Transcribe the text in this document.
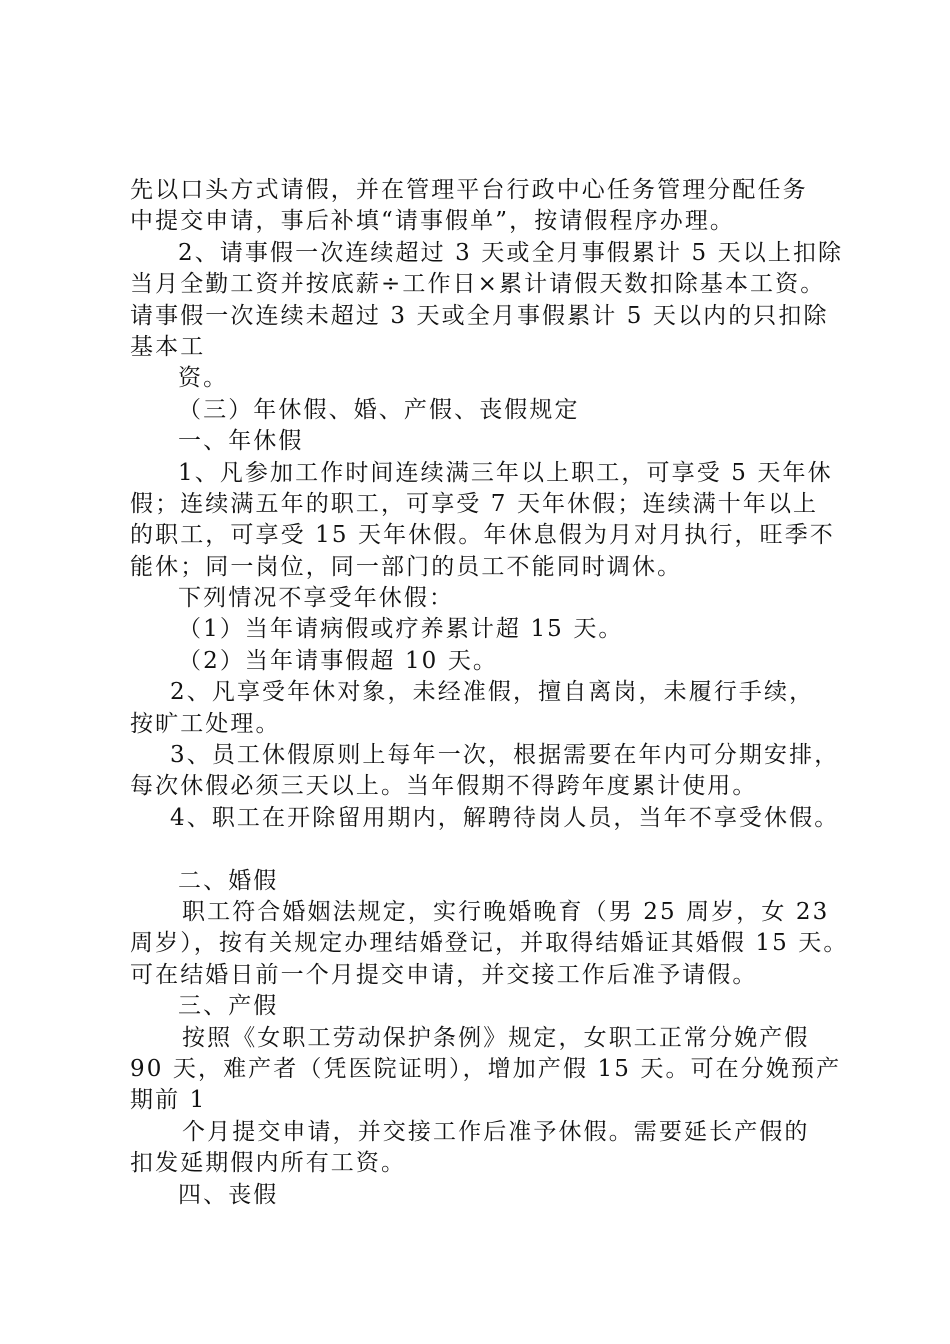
先以口头方式请假，并在管理平台行政中心任务管理分配任务
中提交申请，事后补填“请事假单”，按请假程序办理。
2、请事假一次连续超过 3 天或全月事假累计 5 天以上扣除
当月全勤工资并按底薪÷工作日×累计请假天数扣除基本工资。
请事假一次连续未超过 3 天或全月事假累计 5 天以内的只扣除
基本工
资。
（三）年休假、婚、产假、丧假规定
一、年休假
1、凡参加工作时间连续满三年以上职工，可享受 5 天年休
假；连续满五年的职工，可享受 7 天年休假；连续满十年以上
的职工，可享受 15 天年休假。年休息假为月对月执行，旺季不
能休；同一岗位，同一部门的员工不能同时调休。
下列情况不享受年休假：
（1）当年请病假或疗养累计超 15 天。
（2）当年请事假超 10 天。
2、凡享受年休对象，未经准假，擅自离岗，未履行手续，
按旷工处理。
3、员工休假原则上每年一次，根据需要在年内可分期安排，
每次休假必须三天以上。当年假期不得跨年度累计使用。
4、职工在开除留用期内，解聘待岗人员，当年不享受休假。
二、婚假
职工符合婚姻法规定，实行晚婚晚育（男 25 周岁，女 23
周岁），按有关规定办理结婚登记，并取得结婚证其婚假 15 天。
可在结婚日前一个月提交申请，并交接工作后准予请假。
三、产假
按照《女职工劳动保护条例》规定，女职工正常分娩产假
90 天，难产者（凭医院证明），增加产假 15 天。可在分娩预产
期前 1
个月提交申请，并交接工作后准予休假。需要延长产假的
扣发延期假内所有工资。
四、丧假
